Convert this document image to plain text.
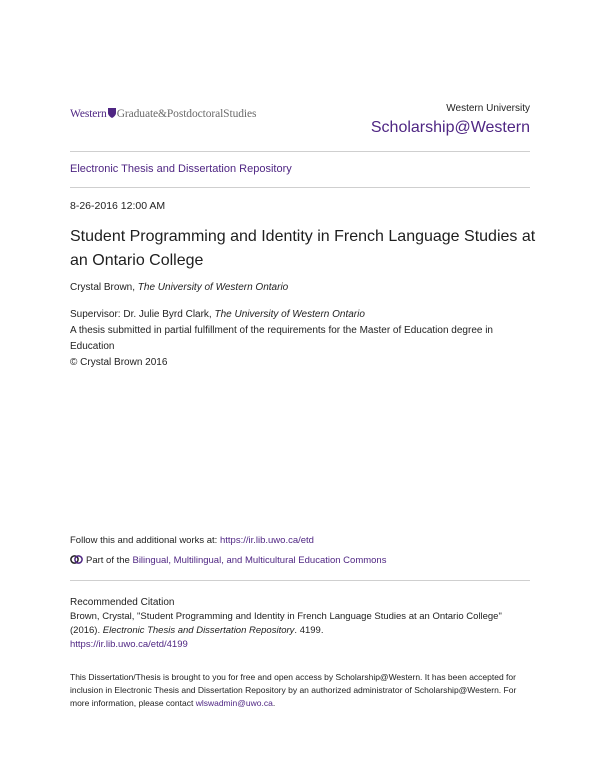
Western Graduate&PostdoctoralStudies	Western University
Scholarship@Western
Electronic Thesis and Dissertation Repository
8-26-2016 12:00 AM
Student Programming and Identity in French Language Studies at an Ontario College
Crystal Brown, The University of Western Ontario
Supervisor: Dr. Julie Byrd Clark, The University of Western Ontario
A thesis submitted in partial fulfillment of the requirements for the Master of Education degree in Education
© Crystal Brown 2016
Follow this and additional works at: https://ir.lib.uwo.ca/etd
Part of the Bilingual, Multilingual, and Multicultural Education Commons
Recommended Citation
Brown, Crystal, "Student Programming and Identity in French Language Studies at an Ontario College" (2016). Electronic Thesis and Dissertation Repository. 4199.
https://ir.lib.uwo.ca/etd/4199
This Dissertation/Thesis is brought to you for free and open access by Scholarship@Western. It has been accepted for inclusion in Electronic Thesis and Dissertation Repository by an authorized administrator of Scholarship@Western. For more information, please contact wlswadmin@uwo.ca.
